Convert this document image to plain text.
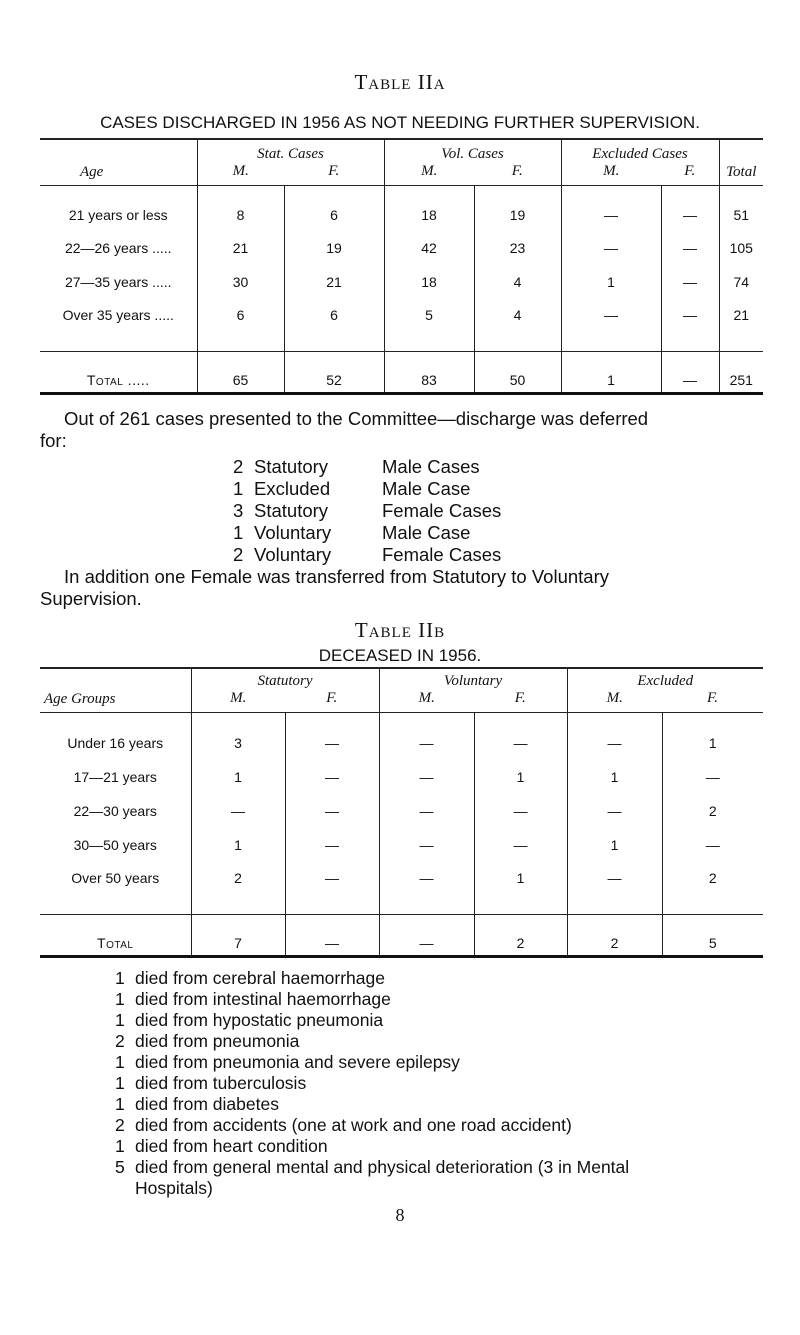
Table IIa
CASES DISCHARGED IN 1956 AS NOT NEEDING FURTHER SUPERVISION.
Age	Stat. Cases		Vol. Cases		Excluded Cases		Total
	M.	F.	M.	F.	M.	F.	
21 years or less	8	6	18	19	—	—	51
22—26 years .....	21	19	42	23	—	—	105
27—35 years .....	30	21	18	4	1	—	74
Over 35 years .....	6	6	5	4	—	—	21
Total .....	65	52	83	50	1	—	251
Out of 261 cases presented to the Committee—discharge was deferred
for:
2 Statutory	Male Cases
1 Excluded	Male Case
3 Statutory	Female Cases
1 Voluntary	Male Case
2 Voluntary	Female Cases
In addition one Female was transferred from Statutory to Voluntary
Supervision.
Table IIb
DECEASED IN 1956.
Age Groups	Statutory		Voluntary		Excluded	
	M.	F.	M.	F.	M.	F.
Under 16 years	3	—	—	—	—	1
17—21 years	1	—	—	1	1	—
22—30 years	—	—	—	—	—	2
30—50 years	1	—	—	—	1	—
Over 50 years	2	—	—	1	—	2
Total	7	—	—	2	2	5
1 died from cerebral haemorrhage
1 died from intestinal haemorrhage
1 died from hypostatic pneumonia
2 died from pneumonia
1 died from pneumonia and severe epilepsy
1 died from tuberculosis
1 died from diabetes
2 died from accidents (one at work and one road accident)
1 died from heart condition
5 died from general mental and physical deterioration (3 in Mental
Hospitals)
8
